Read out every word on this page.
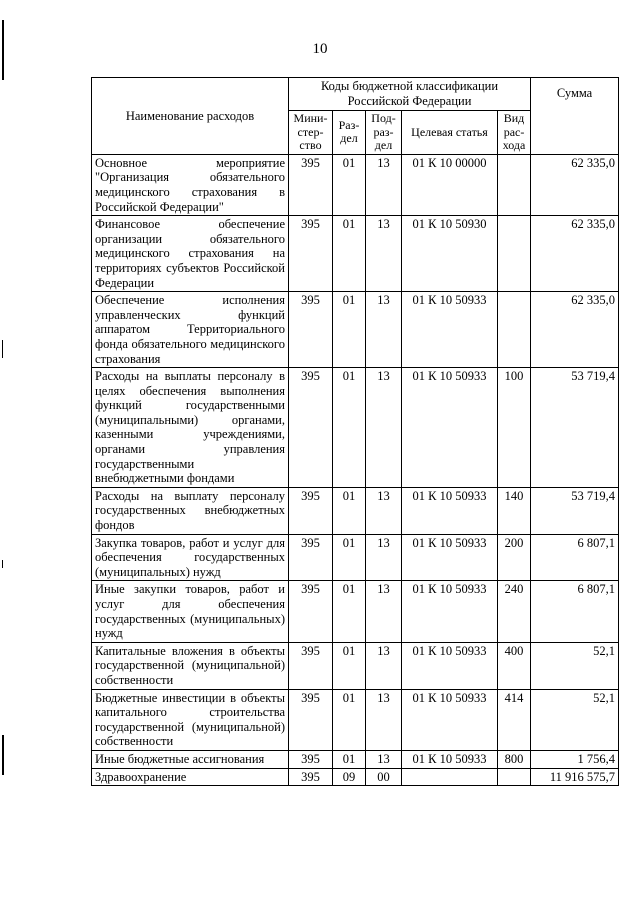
10
Наименование расходов	Коды бюджетной классификации Российской Федерации					Сумма
	Мини-стер-ство	Раз-дел	Под-раз-дел	Целевая статья	Вид рас-хода	
Основное мероприятие "Организация обязательного медицинского страхования в Российской Федерации"	395	01	13	01 К 10 00000		62 335,0
Финансовое обеспечение организации обязательного медицинского страхования на территориях субъектов Российской Федерации	395	01	13	01 К 10 50930		62 335,0
Обеспечение исполнения управленческих функций аппаратом Территориального фонда обязательного медицинского страхования	395	01	13	01 К 10 50933		62 335,0
Расходы на выплаты персоналу в целях обеспечения выполнения функций государственными (муниципальными) органами, казенными учреждениями, органами управления государственными внебюджетными фондами	395	01	13	01 К 10 50933	100	53 719,4
Расходы на выплату персоналу государственных внебюджетных фондов	395	01	13	01 К 10 50933	140	53 719,4
Закупка товаров, работ и услуг для обеспечения государственных (муниципальных) нужд	395	01	13	01 К 10 50933	200	6 807,1
Иные закупки товаров, работ и услуг для обеспечения государственных (муниципальных) нужд	395	01	13	01 К 10 50933	240	6 807,1
Капитальные вложения в объекты государственной (муниципальной) собственности	395	01	13	01 К 10 50933	400	52,1
Бюджетные инвестиции в объекты капитального строительства государственной (муниципальной) собственности	395	01	13	01 К 10 50933	414	52,1
Иные бюджетные ассигнования	395	01	13	01 К 10 50933	800	1 756,4
Здравоохранение	395	09	00			11 916 575,7
